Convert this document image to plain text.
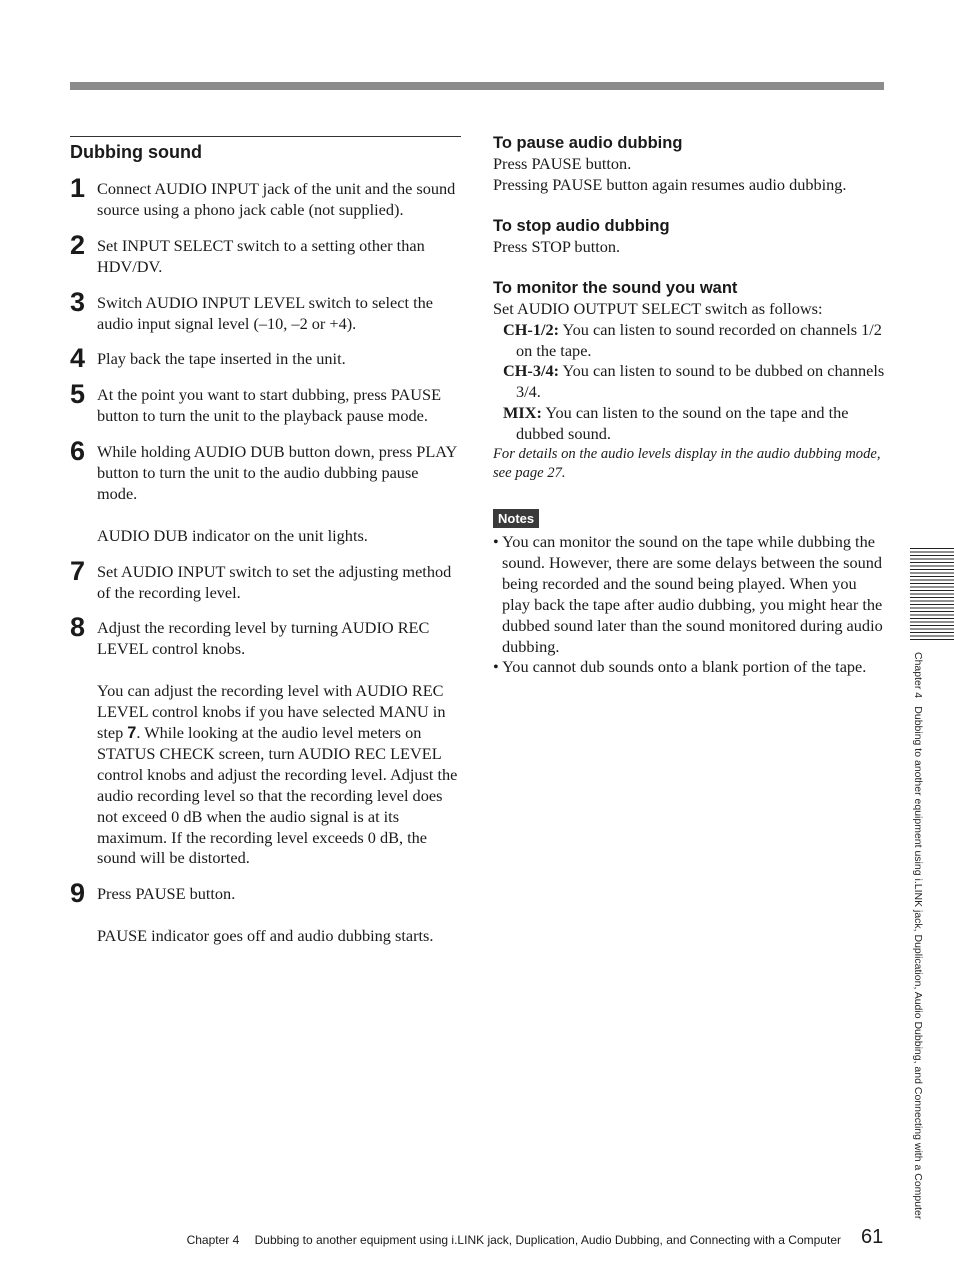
Dubbing sound
1 Connect AUDIO INPUT jack of the unit and the sound source using a phono jack cable (not supplied).

2 Set INPUT SELECT switch to a setting other than HDV/DV.

3 Switch AUDIO INPUT LEVEL switch to select the audio input signal level (–10, –2 or +4).

4 Play back the tape inserted in the unit.

5 At the point you want to start dubbing, press PAUSE button to turn the unit to the playback pause mode.

6 While holding AUDIO DUB button down, press PLAY button to turn the unit to the audio dubbing pause mode.

AUDIO DUB indicator on the unit lights.

7 Set AUDIO INPUT switch to set the adjusting method of the recording level.

8 Adjust the recording level by turning AUDIO REC LEVEL control knobs.

You can adjust the recording level with AUDIO REC LEVEL control knobs if you have selected MANU in step 7. While looking at the audio level meters on STATUS CHECK screen, turn AUDIO REC LEVEL control knobs and adjust the recording level. Adjust the audio recording level so that the recording level does not exceed 0 dB when the audio signal is at its maximum. If the recording level exceeds 0 dB, the sound will be distorted.

9 Press PAUSE button.

PAUSE indicator goes off and audio dubbing starts.

To pause audio dubbing

Press PAUSE button.

Pressing PAUSE button again resumes audio dubbing.

To stop audio dubbing

Press STOP button.

To monitor the sound you want

Set AUDIO OUTPUT SELECT switch as follows:

CH-1/2: You can listen to sound recorded on channels 1/2 on the tape.

CH-3/4: You can listen to sound to be dubbed on channels 3/4.

MIX: You can listen to the sound on the tape and the dubbed sound.

For details on the audio levels display in the audio dubbing mode, see page 27.

Notes

• You can monitor the sound on the tape while dubbing the sound. However, there are some delays between the sound being recorded and the sound being played. When you play back the tape after audio dubbing, you might hear the dubbed sound later than the sound monitored during audio dubbing.

• You cannot dub sounds onto a blank portion of the tape.	Chapter 4  Dubbing to another equipment using i.LINK jack, Duplication, Audio Dubbing, and Connecting with a Computer
Chapter 4  Dubbing to another equipment using i.LINK jack, Duplication, Audio Dubbing, and Connecting with a Computer 61
